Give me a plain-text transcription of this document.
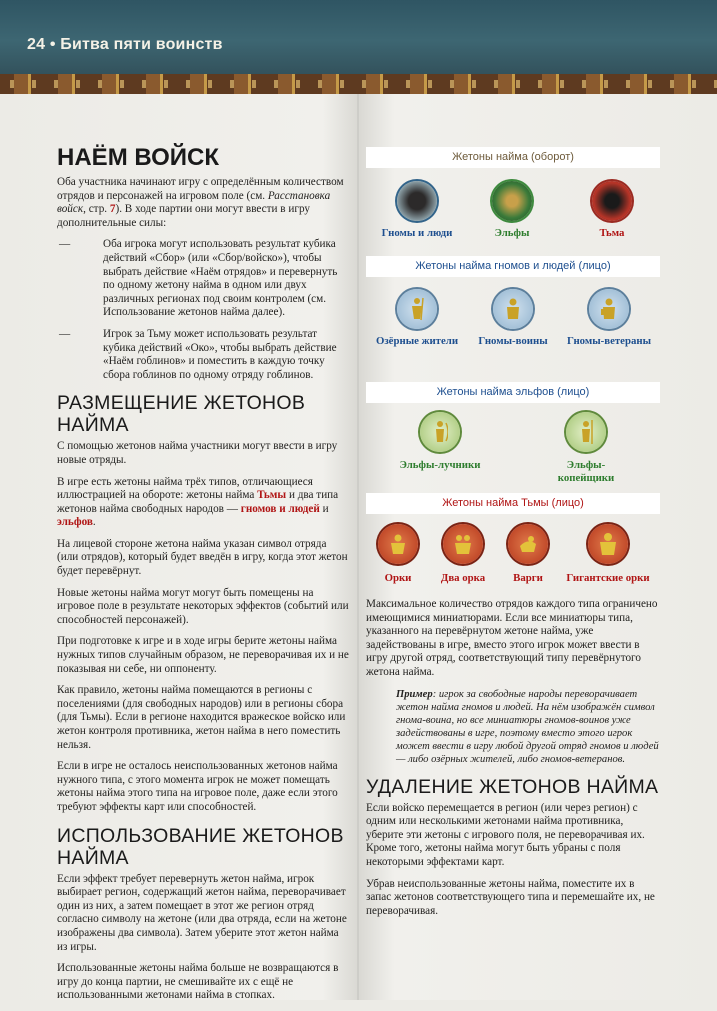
24 • Битва пяти воинств
НАЁМ ВОЙСК

Оба участника начинают игру с определённым количеством отрядов и персонажей на игровом поле (см. Расстановка войск, стр. 7). В ходе партии они могут ввести в игру дополнительные силы:

—	Оба игрока могут использовать результат кубика действий «Сбор» (или «Сбор/войско»), чтобы выбрать действие «Наём отрядов» и перевернуть по одному жетону найма в одном или двух различных регионах под своим контролем (см. Использование жетонов найма далее).
—	Игрок за Тьму может использовать результат кубика действий «Око», чтобы выбрать действие «Наём гоблинов» и поместить в каждую точку сбора гоблинов по одному отряду гоблинов.
РАЗМЕЩЕНИЕ ЖЕТОНОВ НАЙМА

С помощью жетонов найма участники могут ввести в игру новые отряды.

В игре есть жетоны найма трёх типов, отличающиеся иллюстрацией на обороте: жетоны найма Тьмы и два типа жетонов найма свободных народов — гномов и людей и эльфов.

На лицевой стороне жетона найма указан символ отряда (или отрядов), который будет введён в игру, когда этот жетон будет перевёрнут.

Новые жетоны найма могут могут быть помещены на игровое поле в результате некоторых эффектов (событий или способностей персонажей).

При подготовке к игре и в ходе игры берите жетоны найма нужных типов случайным образом, не переворачивая их и не показывая ни себе, ни оппоненту.

Как правило, жетоны найма помещаются в регионы с поселениями (для свободных народов) или в регионы сбора (для Тьмы). Если в регионе находится вражеское войско или жетон контроля противника, жетон найма в него поместить нельзя.

Если в игре не осталось неиспользованных жетонов найма нужного типа, с этого момента игрок не может помещать жетоны найма этого типа на игровое поле, даже если этого требуют эффекты карт или способностей.

ИСПОЛЬЗОВАНИЕ ЖЕТОНОВ НАЙМА

Если эффект требует перевернуть жетон найма, игрок выбирает регион, содержащий жетон найма, переворачивает один из них, а затем помещает в этот же регион отряд согласно символу на жетоне (или два отряда, если на жетоне изображены два символа). Затем уберите этот жетон найма из игры.

Использованные жетоны найма больше не возвращаются в игру до конца партии, не смешивайте их с ещё не использованными жетонами найма в стопках.

Жетоны найма (оборот)
Гномы и люди	Эльфы	Тьма
Жетоны найма гномов и людей (лицо)
Озёрные жители	Гномы-воины	Гномы-ветераны
Жетоны найма эльфов (лицо)
Эльфы-лучники	Эльфы-копейщики
Жетоны найма Тьмы (лицо)
Орки	Два орка	Варги	Гигантские орки

Максимальное количество отрядов каждого типа ограничено имеющимися миниатюрами. Если все миниатюры типа, указанного на перевёрнутом жетоне найма, уже задействованы в игре, вместо этого игрок может ввести в игру другой отряд, соответствующий типу перевёрнутого жетона найма.

Пример: игрок за свободные народы переворачивает жетон найма гномов и людей. На нём изображён символ гнома-воина, но все миниатюры гномов-воинов уже задействованы в игре, поэтому вместо этого игрок может ввести в игру любой другой отряд гномов и людей — либо озёрных жителей, либо гномов-ветеранов.
УДАЛЕНИЕ ЖЕТОНОВ НАЙМА

Если войско перемещается в регион (или через регион) с одним или несколькими жетонами найма противника, уберите эти жетоны с игрового поля, не переворачивая их. Кроме того, жетоны найма могут быть убраны с поля некоторыми эффектами карт.

Убрав неиспользованные жетоны найма, поместите их в запас жетонов соответствующего типа и перемешайте их, не переворачивая.
